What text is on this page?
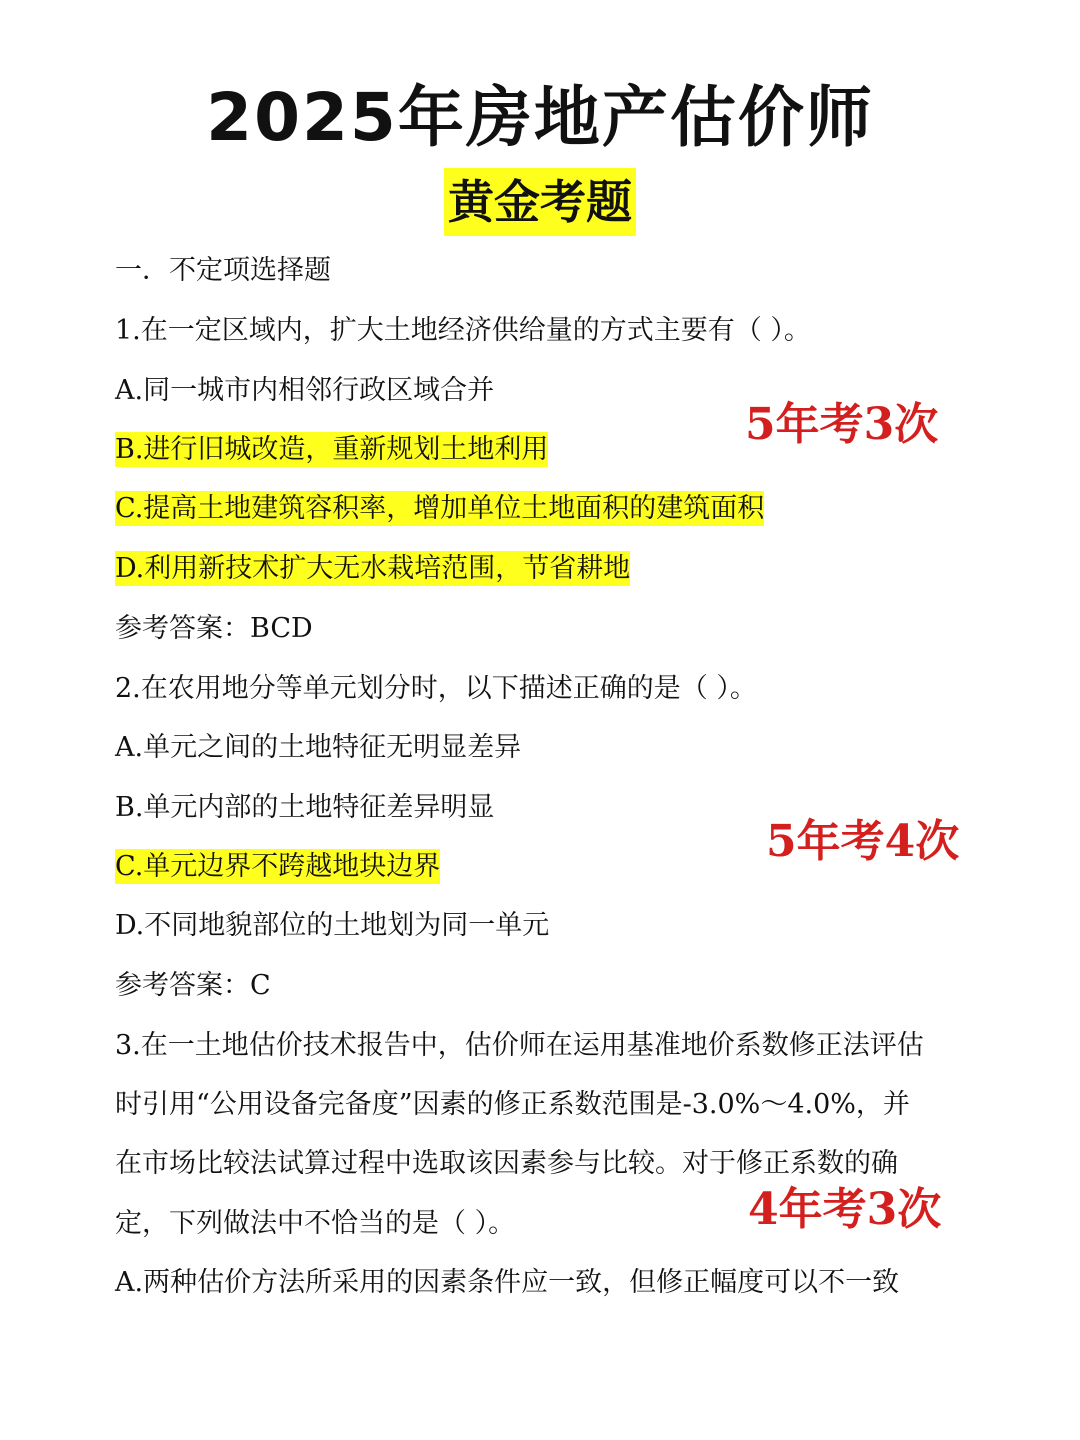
2025年房地产估价师
黄金考题
一．不定项选择题
1.在一定区域内，扩大土地经济供给量的方式主要有（ ）。
A.同一城市内相邻行政区域合并
B.进行旧城改造，重新规划土地利用
C.提高土地建筑容积率，增加单位土地面积的建筑面积
D.利用新技术扩大无水栽培范围，节省耕地
参考答案：BCD
5年考3次
2.在农用地分等单元划分时，以下描述正确的是（ ）。
A.单元之间的土地特征无明显差异
B.单元内部的土地特征差异明显
C.单元边界不跨越地块边界
D.不同地貌部位的土地划为同一单元
参考答案：C
5年考4次
3.在一土地估价技术报告中，估价师在运用基准地价系数修正法评估
时引用“公用设备完备度”因素的修正系数范围是-3.0%～4.0%，并
在市场比较法试算过程中选取该因素参与比较。对于修正系数的确
定，下列做法中不恰当的是（ ）。
A.两种估价方法所采用的因素条件应一致，但修正幅度可以不一致
4年考3次
